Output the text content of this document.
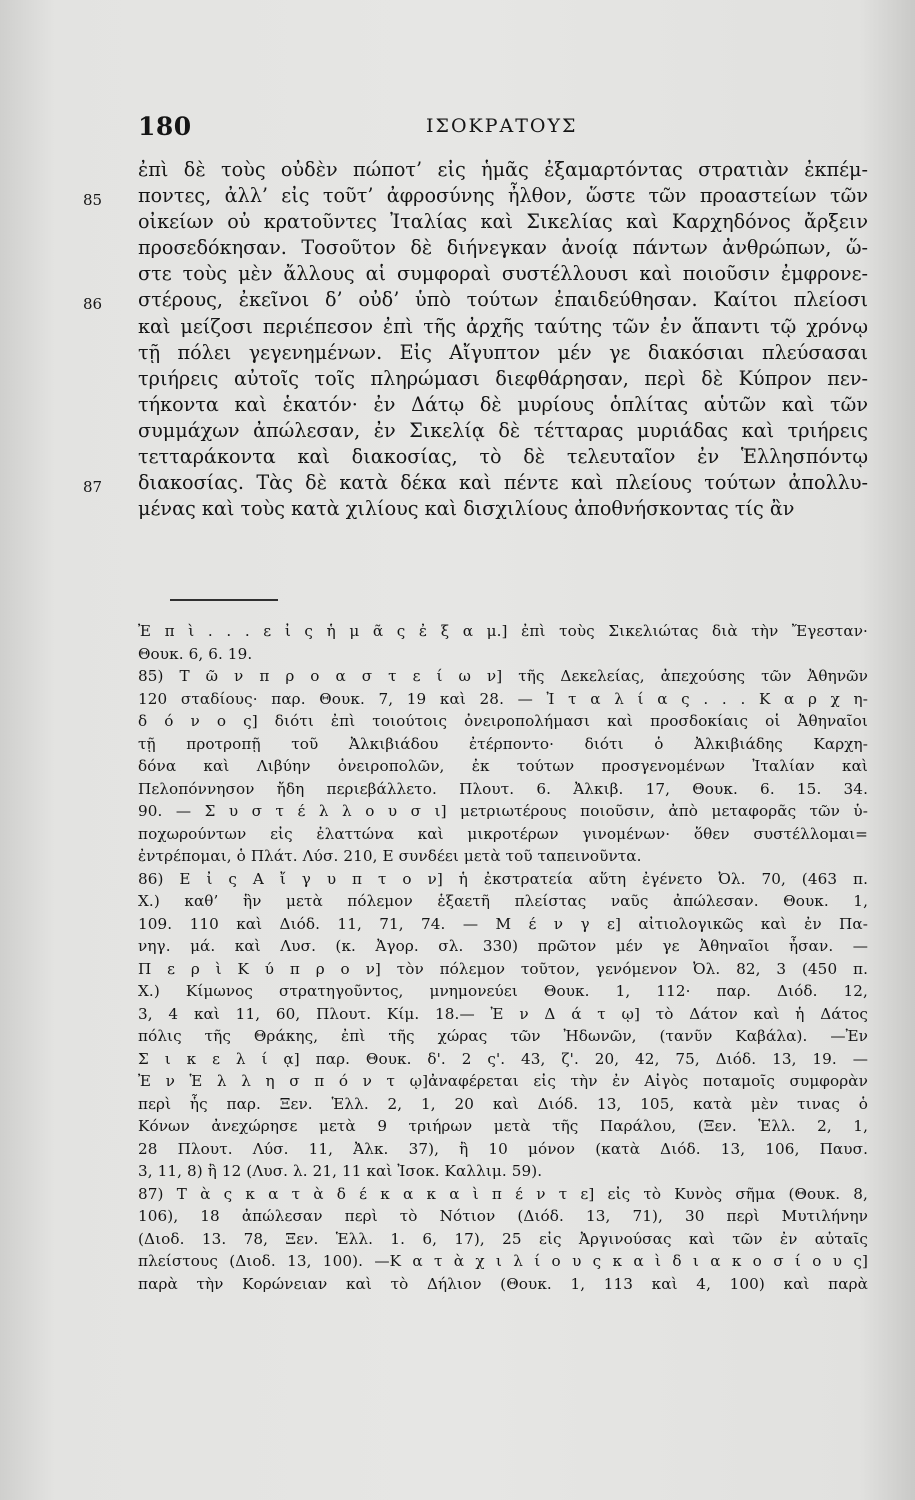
180	ΙΣΟΚΡΑΤΟΥΣ
ἐπὶ δὲ τοὺς οὐδὲν πώποτ’ εἰς ἡμᾶς ἐξαμαρτόντας στρατιὰν ἐκπέμ-
85 ποντες, ἀλλ’ εἰς τοῦτ’ ἀφροσύνης ἦλθον, ὥστε τῶν προαστείων τῶν
οἰκείων οὐ κρατοῦντες Ἰταλίας καὶ Σικελίας καὶ Καρχηδόνος ἄρξειν
προσεδόκησαν. Τοσοῦτον δὲ διήνεγκαν ἀνοίᾳ πάντων ἀνθρώπων, ὥ-
στε τοὺς μὲν ἄλλους αἱ συμφοραὶ συστέλλουσι καὶ ποιοῦσιν ἐμφρονε-
86 στέρους, ἐκεῖνοι δ’ οὐδ’ ὑπὸ τούτων ἐπαιδεύθησαν. Καίτοι πλείοσι
καὶ μείζοσι περιέπεσον ἐπὶ τῆς ἀρχῆς ταύτης τῶν ἐν ἅπαντι τῷ χρόνῳ
τῇ πόλει γεγενημένων. Εἰς Αἴγυπτον μέν γε διακόσιαι πλεύσασαι
τριήρεις αὐτοῖς τοῖς πληρώμασι διεφθάρησαν, περὶ δὲ Κύπρον πεν-
τήκοντα καὶ ἑκατόν· ἐν Δάτῳ δὲ μυρίους ὁπλίτας αὑτῶν καὶ τῶν
συμμάχων ἀπώλεσαν, ἐν Σικελίᾳ δὲ τέτταρας μυριάδας καὶ τριήρεις
τετταράκοντα καὶ διακοσίας, τὸ δὲ τελευταῖον ἐν Ἑλλησπόντῳ
87 διακοσίας. Τὰς δὲ κατὰ δέκα καὶ πέντε καὶ πλείους τούτων ἀπολλυ-
μένας καὶ τοὺς κατὰ χιλίους καὶ δισχιλίους ἀποθνήσκοντας τίς ἂν
Ἐ π ὶ . . . ε ἰ ς ἡ μ ᾶ ς ἐ ξ α μ.] ἐπὶ τοὺς Σικελιώτας διὰ τὴν Ἔγεσταν·
Θουκ. 6, 6. 19.
85) Τ ῶ ν π ρ ο α σ τ ε ί ω ν] τῆς Δεκελείας, ἀπεχούσης τῶν Ἀθηνῶν
120 σταδίους· παρ. Θουκ. 7, 19 καὶ 28. — Ἰ τ α λ ί α ς . . . Κ α ρ χ η-
δ ό ν ο ς] διότι ἐπὶ τοιούτοις ὀνειροπολήμασι καὶ προσδοκίαις οἱ Ἀθηναῖοι
τῇ προτροπῇ τοῦ Ἀλκιβιάδου ἐτέρποντο· διότι ὁ Ἀλκιβιάδης Καρχη-
δόνα καὶ Λιβύην ὀνειροπολῶν, ἐκ τούτων προσγενομένων Ἰταλίαν καὶ
Πελοπόννησον ἤδη περιεβάλλετο. Πλουτ. 6. Ἀλκιβ. 17, Θουκ. 6. 15. 34.
90. — Σ υ σ τ έ λ λ ο υ σ ι] μετριωτέρους ποιοῦσιν, ἀπὸ μεταφορᾶς τῶν ὑ-
ποχωρούντων εἰς ἐλαττώνα καὶ μικροτέρων γινομένων· ὅθεν συστέλλομαι=
ἐντρέπομαι, ὁ Πλάτ. Λύσ. 210, Ε συνδέει μετὰ τοῦ ταπεινοῦντα.
86) Ε ἰ ς Α ἴ γ υ π τ ο ν] ἡ ἐκστρατεία αὕτη ἐγένετο Ὀλ. 70, (463 π.
Χ.) καθ’ ἣν μετὰ πόλεμον ἑξαετῆ πλείστας ναῦς ἀπώλεσαν. Θουκ. 1,
109. 110 καὶ Διόδ. 11, 71, 74. — Μ έ ν γ ε] αἰτιολογικῶς καὶ ἐν Πα-
νηγ. μά. καὶ Λυσ. (κ. Ἀγορ. σλ. 330) πρῶτον μέν γε Ἀθηναῖοι ἦσαν. —
Π ε ρ ὶ Κ ύ π ρ ο ν] τὸν πόλεμον τοῦτον, γενόμενον Ὀλ. 82, 3 (450 π.
Χ.) Κίμωνος στρατηγοῦντος, μνημονεύει Θουκ. 1, 112· παρ. Διόδ. 12,
3, 4 καὶ 11, 60, Πλουτ. Κίμ. 18.— Ἐ ν Δ ά τ ῳ] τὸ Δάτον καὶ ἡ Δάτος
πόλις τῆς Θράκης, ἐπὶ τῆς χώρας τῶν Ἠδωνῶν, (τανῦν Καβάλα). —Ἐν
Σ ι κ ε λ ί ᾳ] παρ. Θουκ. δ'. 2 ς'. 43, ζ'. 20, 42, 75, Διόδ. 13, 19. —
Ἐ ν Ἑ λ λ η σ π ό ν τ ῳ]ἀναφέρεται εἰς τὴν ἐν Αἰγὸς ποταμοῖς συμφορὰν
περὶ ἧς παρ. Ξεν. Ἑλλ. 2, 1, 20 καὶ Διόδ. 13, 105, κατὰ μὲν τινας ὁ
Κόνων ἀνεχώρησε μετὰ 9 τριήρων μετὰ τῆς Παράλου, (Ξεν. Ἑλλ. 2, 1,
28 Πλουτ. Λύσ. 11, Ἀλκ. 37), ἢ 10 μόνον (κατὰ Διόδ. 13, 106, Παυσ.
3, 11, 8) ἢ 12 (Λυσ. λ. 21, 11 καὶ Ἰσοκ. Καλλιμ. 59).
87) Τ ὰ ς κ α τ ὰ δ έ κ α κ α ὶ π έ ν τ ε] εἰς τὸ Κυνὸς σῆμα (Θουκ. 8,
106), 18 ἀπώλεσαν περὶ τὸ Νότιον (Διόδ. 13, 71), 30 περὶ Μυτιλήνην
(Διοδ. 13. 78, Ξεν. Ἑλλ. 1. 6, 17), 25 εἰς Ἀργινούσας καὶ τῶν ἐν αὐταῖς
πλείστους (Διοδ. 13, 100). —Κ α τ ὰ χ ι λ ί ο υ ς κ α ὶ δ ι α κ ο σ ί ο υ ς]
παρὰ τὴν Κορώνειαν καὶ τὸ Δήλιον (Θουκ. 1, 113 καὶ 4, 100) καὶ παρὰ
